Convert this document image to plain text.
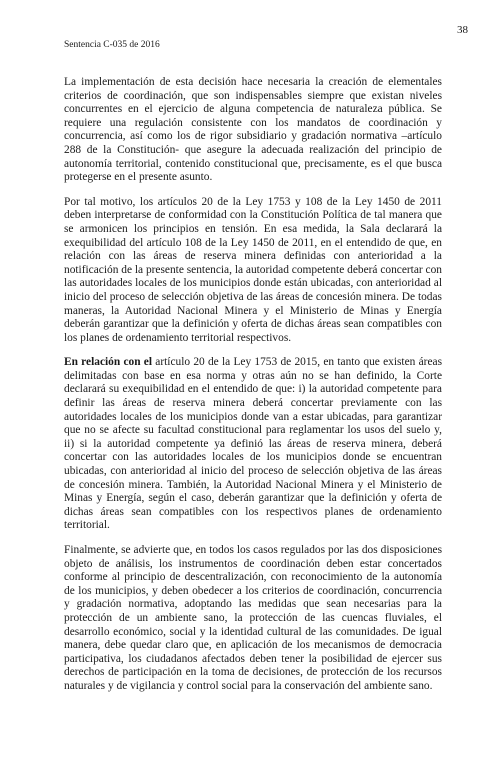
38
Sentencia C-035 de 2016

La implementación de esta decisión hace necesaria la creación de elementales criterios de coordinación, que son indispensables siempre que existan niveles concurrentes en el ejercicio de alguna competencia de naturaleza pública. Se requiere una regulación consistente con los mandatos de coordinación y concurrencia, así como los de rigor subsidiario y gradación normativa –artículo 288 de la Constitución- que asegure la adecuada realización del principio de autonomía territorial, contenido constitucional que, precisamente, es el que busca protegerse en el presente asunto.

Por tal motivo, los artículos 20 de la Ley 1753 y 108 de la Ley 1450 de 2011 deben interpretarse de conformidad con la Constitución Política de tal manera que se armonicen los principios en tensión. En esa medida, la Sala declarará la exequibilidad del artículo 108 de la Ley 1450 de 2011, en el entendido de que, en relación con las áreas de reserva minera definidas con anterioridad a la notificación de la presente sentencia, la autoridad competente deberá concertar con las autoridades locales de los municipios donde están ubicadas, con anterioridad al inicio del proceso de selección objetiva de las áreas de concesión minera. De todas maneras, la Autoridad Nacional Minera y el Ministerio de Minas y Energía deberán garantizar que la definición y oferta de dichas áreas sean compatibles con los planes de ordenamiento territorial respectivos.

En relación con el artículo 20 de la Ley 1753 de 2015, en tanto que existen áreas delimitadas con base en esa norma y otras aún no se han definido, la Corte declarará su exequibilidad en el entendido de que: i) la autoridad competente para definir las áreas de reserva minera deberá concertar previamente con las autoridades locales de los municipios donde van a estar ubicadas, para garantizar que no se afecte su facultad constitucional para reglamentar los usos del suelo y, ii) si la autoridad competente ya definió las áreas de reserva minera, deberá concertar con las autoridades locales de los municipios donde se encuentran ubicadas, con anterioridad al inicio del proceso de selección objetiva de las áreas de concesión minera. También, la Autoridad Nacional Minera y el Ministerio de Minas y Energía, según el caso, deberán garantizar que la definición y oferta de dichas áreas sean compatibles con los respectivos planes de ordenamiento territorial.

Finalmente, se advierte que, en todos los casos regulados por las dos disposiciones objeto de análisis, los instrumentos de coordinación deben estar concertados conforme al principio de descentralización, con reconocimiento de la autonomía de los municipios, y deben obedecer a los criterios de coordinación, concurrencia y gradación normativa, adoptando las medidas que sean necesarias para la protección de un ambiente sano, la protección de las cuencas fluviales, el desarrollo económico, social y la identidad cultural de las comunidades. De igual manera, debe quedar claro que, en aplicación de los mecanismos de democracia participativa, los ciudadanos afectados deben tener la posibilidad de ejercer sus derechos de participación en la toma de decisiones, de protección de los recursos naturales y de vigilancia y control social para la conservación del ambiente sano.
